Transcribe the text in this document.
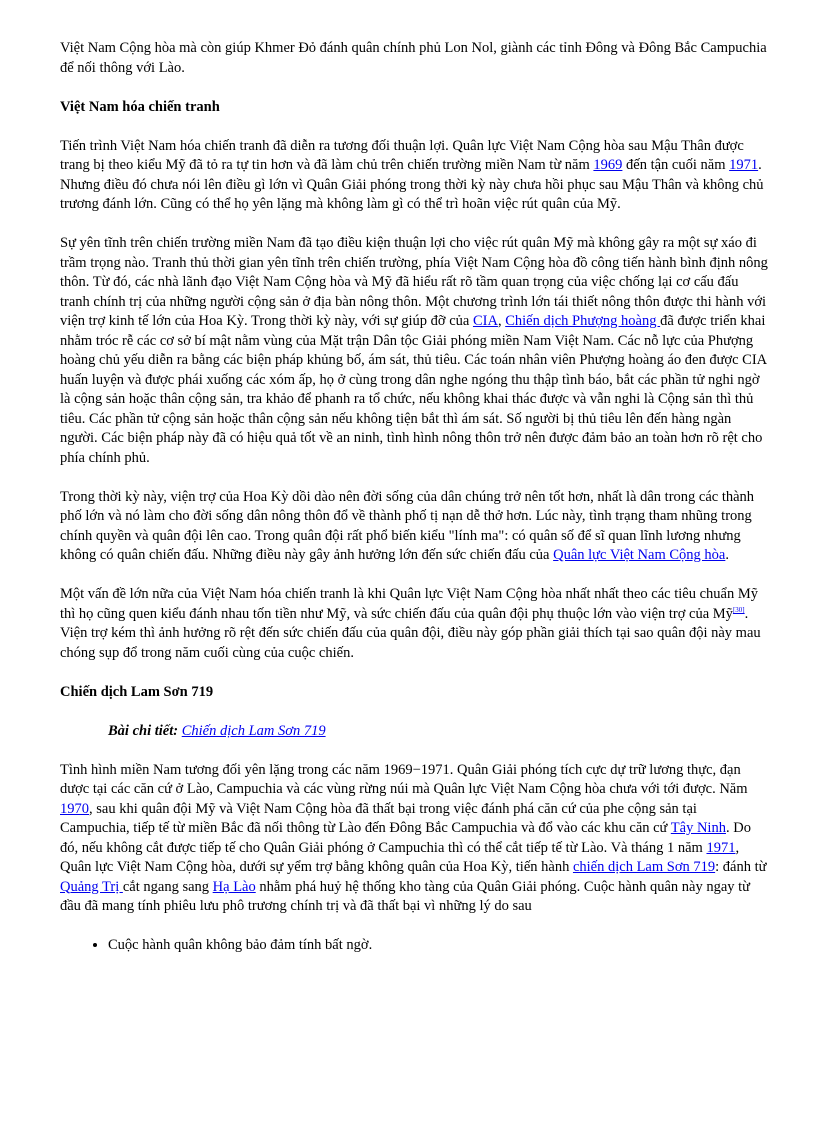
Việt Nam Cộng hòa mà còn giúp Khmer Đỏ đánh quân chính phủ Lon Nol, giành các tỉnh Đông và Đông Bắc Campuchia để nối thông với Lào.

Việt Nam hóa chiến tranh

Tiến trình Việt Nam hóa chiến tranh đã diễn ra tương đối thuận lợi. Quân lực Việt Nam Cộng hòa sau Mậu Thân được trang bị theo kiểu Mỹ đã tỏ ra tự tin hơn và đã làm chủ trên chiến trường miền Nam từ năm 1969 đến tận cuối năm 1971. Nhưng điều đó chưa nói lên điều gì lớn vì Quân Giải phóng trong thời kỳ này chưa hồi phục sau Mậu Thân và không chủ trương đánh lớn. Cũng có thể họ yên lặng mà không làm gì có thể trì hoãn việc rút quân của Mỹ.

Sự yên tĩnh trên chiến trường miền Nam đã tạo điều kiện thuận lợi cho việc rút quân Mỹ mà không gây ra một sự xáo đi trầm trọng nào. Tranh thủ thời gian yên tĩnh trên chiến trường, phía Việt Nam Cộng hòa đồ công tiến hành bình định nông thôn. Từ đó, các nhà lãnh đạo Việt Nam Cộng hòa và Mỹ đã hiểu rất rõ tầm quan trọng của việc chống lại cơ cấu đấu tranh chính trị của những người cộng sản ở địa bàn nông thôn. Một chương trình lớn tái thiết nông thôn được thi hành với viện trợ kinh tế lớn của Hoa Kỳ. Trong thời kỳ này, với sự giúp đỡ của CIA, Chiến dịch Phượng hoàng đã được triển khai nhằm tróc rễ các cơ sở bí mật nằm vùng của Mặt trận Dân tộc Giải phóng miền Nam Việt Nam. Các nỗ lực của Phượng hoàng chủ yếu diễn ra bằng các biện pháp khủng bố, ám sát, thủ tiêu. Các toán nhân viên Phượng hoàng áo đen được CIA huấn luyện và được phái xuống các xóm ấp, họ ở cùng trong dân nghe ngóng thu thập tình báo, bắt các phần tử nghi ngờ là cộng sản hoặc thân cộng sản, tra khảo để phanh ra tổ chức, nếu không khai thác được và vẫn nghi là Cộng sản thì thủ tiêu. Các phần tử cộng sản hoặc thân cộng sản nếu không tiện bắt thì ám sát. Số người bị thủ tiêu lên đến hàng ngàn người. Các biện pháp này đã có hiệu quả tốt về an ninh, tình hình nông thôn trở nên được đảm bảo an toàn hơn rõ rệt cho phía chính phủ.

Trong thời kỳ này, viện trợ của Hoa Kỳ dồi dào nên đời sống của dân chúng trở nên tốt hơn, nhất là dân trong các thành phố lớn và nó làm cho đời sống dân nông thôn đổ về thành phố tị nạn dễ thở hơn. Lúc này, tình trạng tham nhũng trong chính quyền và quân đội lên cao. Trong quân đội rất phổ biến kiểu "lính ma": có quân số để sĩ quan lĩnh lương nhưng không có quân chiến đấu. Những điều này gây ảnh hưởng lớn đến sức chiến đấu của Quân lực Việt Nam Cộng hòa.

Một vấn đề lớn nữa của Việt Nam hóa chiến tranh là khi Quân lực Việt Nam Cộng hòa nhất nhất theo các tiêu chuẩn Mỹ thì họ cũng quen kiểu đánh nhau tốn tiền như Mỹ, và sức chiến đấu của quân đội phụ thuộc lớn vào viện trợ của Mỹ[30]. Viện trợ kém thì ảnh hưởng rõ rệt đến sức chiến đấu của quân đội, điều này góp phần giải thích tại sao quân đội này mau chóng sụp đổ trong năm cuối cùng của cuộc chiến.

Chiến dịch Lam Sơn 719

Bài chi tiết: Chiến dịch Lam Sơn 719

Tình hình miền Nam tương đối yên lặng trong các năm 1969−1971. Quân Giải phóng tích cực dự trữ lương thực, đạn dược tại các căn cứ ở Lào, Campuchia và các vùng rừng núi mà Quân lực Việt Nam Cộng hòa chưa với tới được. Năm 1970, sau khi quân đội Mỹ và Việt Nam Cộng hòa đã thất bại trong việc đánh phá căn cứ của phe cộng sản tại Campuchia, tiếp tế từ miền Bắc đã nối thông từ Lào đến Đông Bắc Campuchia và đổ vào các khu căn cứ Tây Ninh. Do đó, nếu không cắt được tiếp tế cho Quân Giải phóng ở Campuchia thì có thể cắt tiếp tế từ Lào. Và tháng 1 năm 1971, Quân lực Việt Nam Cộng hòa, dưới sự yểm trợ bằng không quân của Hoa Kỳ, tiến hành chiến dịch Lam Sơn 719: đánh từ Quảng Trị cắt ngang sang Hạ Lào nhằm phá huỷ hệ thống kho tàng của Quân Giải phóng. Cuộc hành quân này ngay từ đầu đã mang tính phiêu lưu phô trương chính trị và đã thất bại vì những lý do sau

• Cuộc hành quân không bảo đảm tính bất ngờ.
